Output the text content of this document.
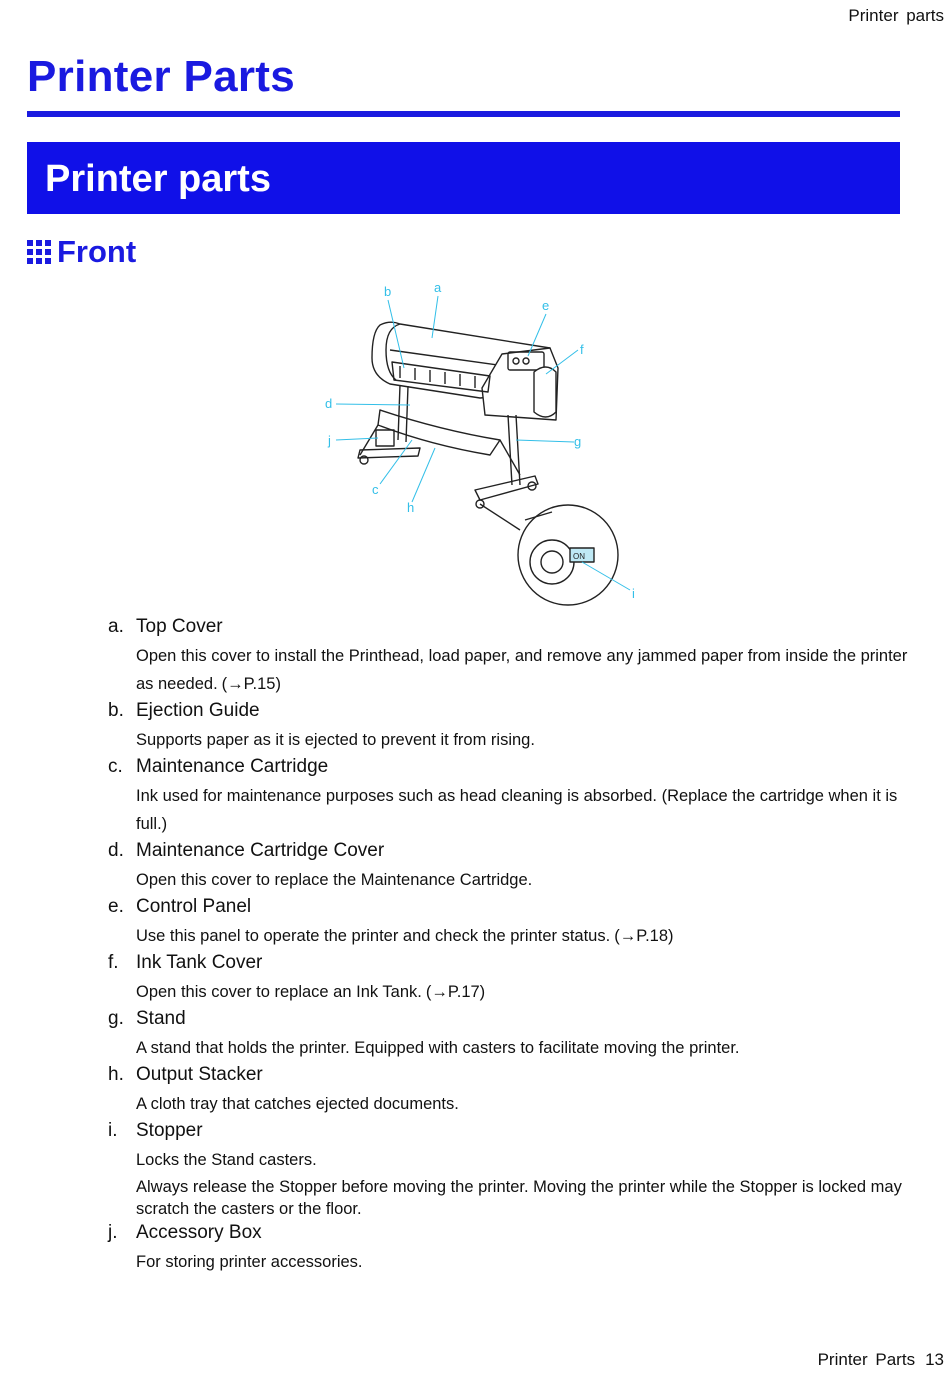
Printer parts
Printer Parts
Printer parts
Front
a
b
e
f
d
j	g
c
h
i
ON
a. Top Cover
Open this cover to install the Printhead, load paper, and remove any jammed paper from inside the printer as needed. (→P.15)
b. Ejection Guide
Supports paper as it is ejected to prevent it from rising.
c. Maintenance Cartridge
Ink used for maintenance purposes such as head cleaning is absorbed. (Replace the cartridge when it is full.)
d. Maintenance Cartridge Cover
Open this cover to replace the Maintenance Cartridge.
e. Control Panel
Use this panel to operate the printer and check the printer status. (→P.18)
f. Ink Tank Cover
Open this cover to replace an Ink Tank. (→P.17)
g. Stand
A stand that holds the printer. Equipped with casters to facilitate moving the printer.
h. Output Stacker
A cloth tray that catches ejected documents.
i. Stopper
Locks the Stand casters.
Always release the Stopper before moving the printer. Moving the printer while the Stopper is locked may scratch the casters or the floor.
j. Accessory Box
For storing printer accessories.
Printer Parts 13
